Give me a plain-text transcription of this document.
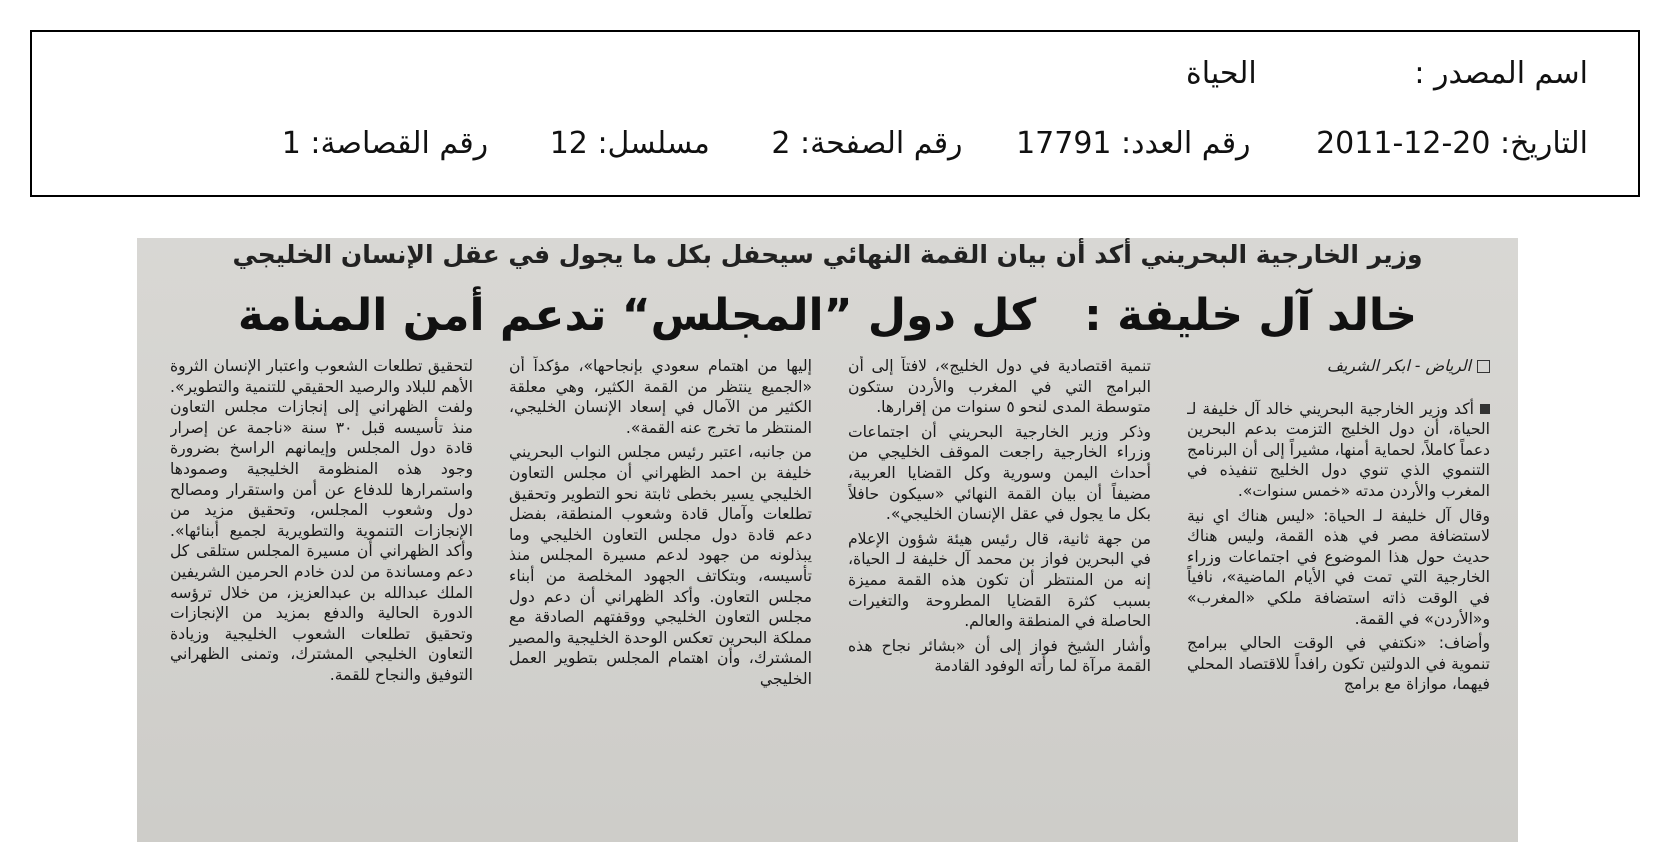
اسم المصدر : الحياة
التاريخ: 20-12-2011 رقم العدد: 17791 رقم الصفحة: 2 مسلسل: 12 رقم القصاصة: 1
وزير الخارجية البحريني أكد أن بيان القمة النهائي سيحفل بكل ما يجول في عقل الإنسان الخليجي
خالد آل خليفة :كل دول ”المجلس“ تدعم أمن المنامة

الرياض - ابكر الشريف

أكد وزير الخارجية البحريني خالد آل خليفة لـ الحياة، أن دول الخليج التزمت بدعم البحرين دعماً كاملاً، لحماية أمنها، مشيراً إلى أن البرنامج التنموي الذي تنوي دول الخليج تنفيذه في المغرب والأردن مدته «خمس سنوات».

وقال آل خليفة لـ الحياة: «ليس هناك اي نية لاستضافة مصر في هذه القمة، وليس هناك حديث حول هذا الموضوع في اجتماعات وزراء الخارجية التي تمت في الأيام الماضية»، نافياً في الوقت ذاته استضافة ملكي «المغرب» و«الأردن» في القمة.

وأضاف: «نكتفي في الوقت الحالي ببرامج تنموية في الدولتين تكون رافداً للاقتصاد المحلي فيهما، موازاة مع برامج

تنمية اقتصادية في دول الخليج»، لافتاً إلى أن البرامج التي في المغرب والأردن ستكون متوسطة المدى لنحو ٥ سنوات من إقرارها.

وذكر وزير الخارجية البحريني أن اجتماعات وزراء الخارجية راجعت الموقف الخليجي من أحداث اليمن وسورية وكل القضايا العربية، مضيفاً أن بيان القمة النهائي «سيكون حافلاً بكل ما يجول في عقل الإنسان الخليجي».

من جهة ثانية، قال رئيس هيئة شؤون الإعلام في البحرين فواز بن محمد آل خليفة لـ الحياة، إنه من المنتظر أن تكون هذه القمة مميزة بسبب كثرة القضايا المطروحة والتغيرات الحاصلة في المنطقة والعالم.

وأشار الشيخ فواز إلى أن «بشائر نجاح هذه القمة مرآة لما رأته الوفود القادمة

إليها من اهتمام سعودي بإنجاحها»، مؤكداً أن «الجميع ينتظر من القمة الكثير، وهي معلقة الكثير من الآمال في إسعاد الإنسان الخليجي، المنتظر ما تخرج عنه القمة».

من جانبه، اعتبر رئيس مجلس النواب البحريني خليفة بن احمد الظهراني أن مجلس التعاون الخليجي يسير بخطى ثابتة نحو التطوير وتحقيق تطلعات وآمال قادة وشعوب المنطقة، بفضل دعم قادة دول مجلس التعاون الخليجي وما يبذلونه من جهود لدعم مسيرة المجلس منذ تأسيسه، وبتكاتف الجهود المخلصة من أبناء مجلس التعاون. وأكد الظهراني أن دعم دول مجلس التعاون الخليجي ووقفتهم الصادقة مع مملكة البحرين تعكس الوحدة الخليجية والمصير المشترك، وأن اهتمام المجلس بتطوير العمل الخليجي

لتحقيق تطلعات الشعوب واعتبار الإنسان الثروة الأهم للبلاد والرصيد الحقيقي للتنمية والتطوير». ولفت الظهراني إلى إنجازات مجلس التعاون منذ تأسيسه قبل ٣٠ سنة «ناجمة عن إصرار قادة دول المجلس وإيمانهم الراسخ بضرورة وجود هذه المنظومة الخليجية وصمودها واستمرارها للدفاع عن أمن واستقرار ومصالح دول وشعوب المجلس، وتحقيق مزيد من الإنجازات التنموية والتطويرية لجميع أبنائها». وأكد الظهراني أن مسيرة المجلس ستلقى كل دعم ومساندة من لدن خادم الحرمين الشريفين الملك عبدالله بن عبدالعزيز، من خلال ترؤسه الدورة الحالية والدفع بمزيد من الإنجازات وتحقيق تطلعات الشعوب الخليجية وزيادة التعاون الخليجي المشترك، وتمنى الظهراني التوفيق والنجاح للقمة.
